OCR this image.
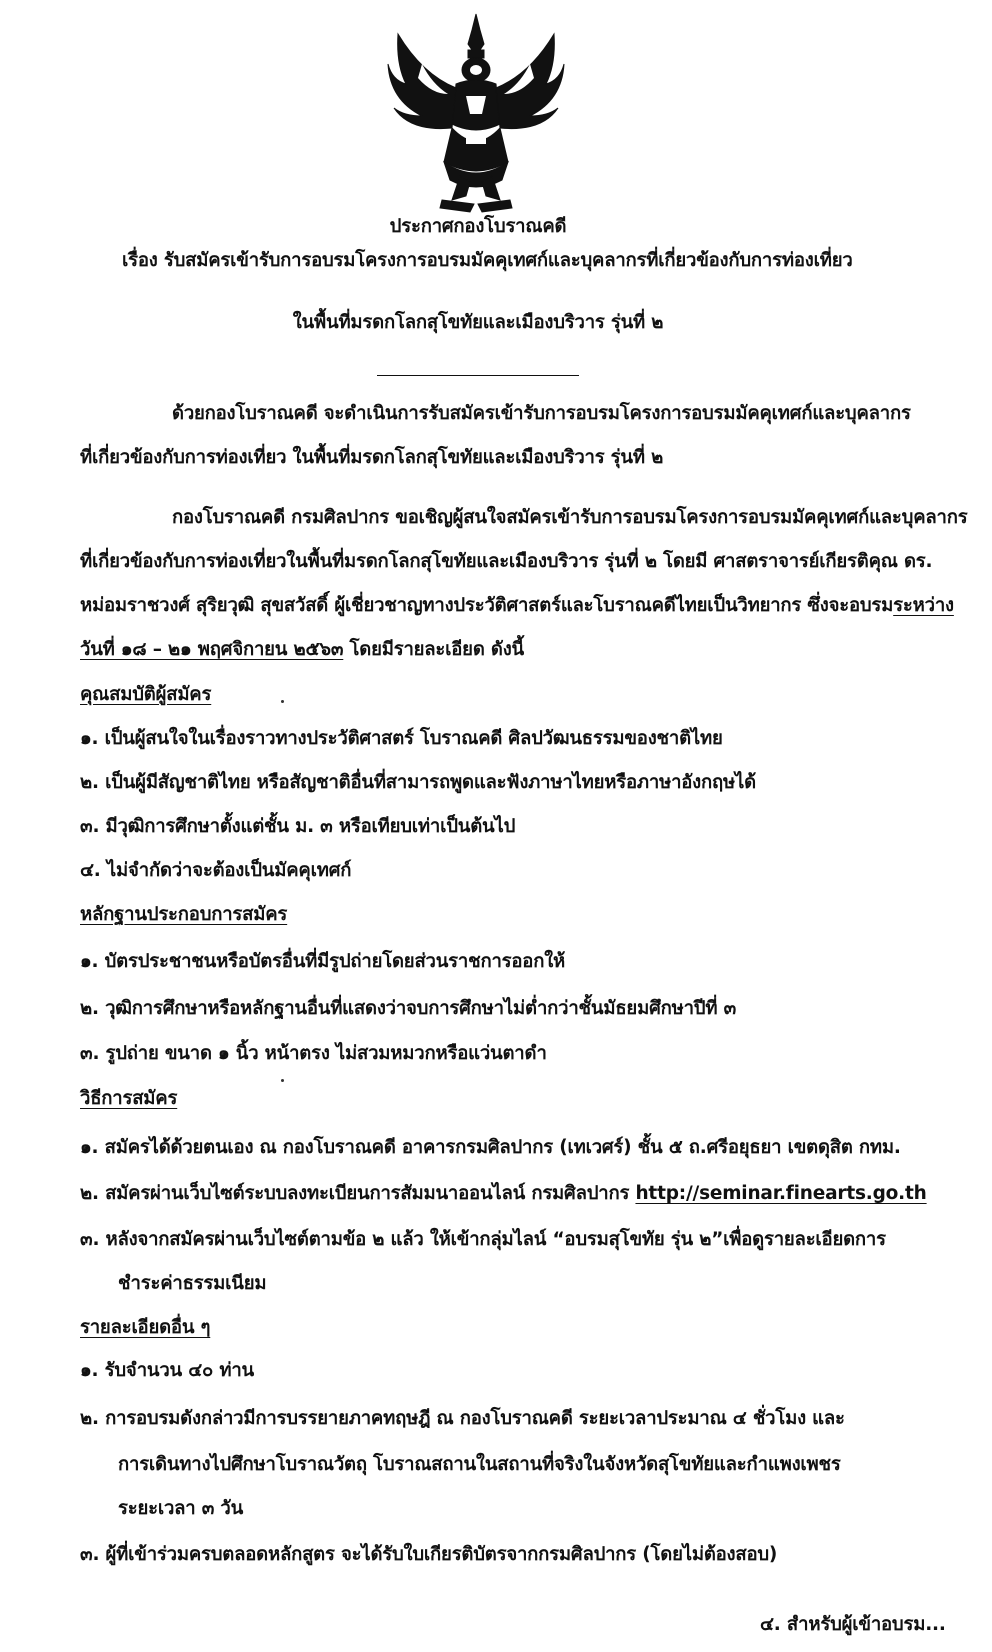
ประกาศกองโบราณคดี
เรื่อง รับสมัครเข้ารับการอบรมโครงการอบรมมัคคุเทศก์และบุคลากรที่เกี่ยวข้องกับการท่องเที่ยว
ในพื้นที่มรดกโลกสุโขทัยและเมืองบริวาร รุ่นที่ ๒
ด้วยกองโบราณคดี จะดำเนินการรับสมัครเข้ารับการอบรมโครงการอบรมมัคคุเทศก์และบุคลากร
ที่เกี่ยวข้องกับการท่องเที่ยว ในพื้นที่มรดกโลกสุโขทัยและเมืองบริวาร รุ่นที่ ๒
กองโบราณคดี กรมศิลปากร ขอเชิญผู้สนใจสมัครเข้ารับการอบรมโครงการอบรมมัคคุเทศก์และบุคลากร
ที่เกี่ยวข้องกับการท่องเที่ยวในพื้นที่มรดกโลกสุโขทัยและเมืองบริวาร รุ่นที่ ๒ โดยมี ศาสตราจารย์เกียรติคุณ ดร.
หม่อมราชวงศ์ สุริยวุฒิ สุขสวัสดิ์ ผู้เชี่ยวชาญทางประวัติศาสตร์และโบราณคดีไทยเป็นวิทยากร ซึ่งจะอบรมระหว่าง
วันที่ ๑๘ – ๒๑ พฤศจิกายน ๒๕๖๓ โดยมีรายละเอียด ดังนี้
คุณสมบัติผู้สมัคร
๑. เป็นผู้สนใจในเรื่องราวทางประวัติศาสตร์ โบราณคดี ศิลปวัฒนธรรมของชาติไทย
๒. เป็นผู้มีสัญชาติไทย หรือสัญชาติอื่นที่สามารถพูดและฟังภาษาไทยหรือภาษาอังกฤษได้
๓. มีวุฒิการศึกษาตั้งแต่ชั้น ม. ๓ หรือเทียบเท่าเป็นต้นไป
๔. ไม่จำกัดว่าจะต้องเป็นมัคคุเทศก์
หลักฐานประกอบการสมัคร
๑. บัตรประชาชนหรือบัตรอื่นที่มีรูปถ่ายโดยส่วนราชการออกให้
๒. วุฒิการศึกษาหรือหลักฐานอื่นที่แสดงว่าจบการศึกษาไม่ต่ำกว่าชั้นมัธยมศึกษาปีที่ ๓
๓. รูปถ่าย ขนาด ๑ นิ้ว หน้าตรง ไม่สวมหมวกหรือแว่นตาดำ
วิธีการสมัคร
๑. สมัครได้ด้วยตนเอง ณ กองโบราณคดี อาคารกรมศิลปากร (เทเวศร์) ชั้น ๕ ถ.ศรีอยุธยา เขตดุสิต กทม.
๒. สมัครผ่านเว็บไซต์ระบบลงทะเบียนการสัมมนาออนไลน์ กรมศิลปากร http://seminar.finearts.go.th
๓. หลังจากสมัครผ่านเว็บไซต์ตามข้อ ๒ แล้ว ให้เข้ากลุ่มไลน์ “อบรมสุโขทัย รุ่น ๒”เพื่อดูรายละเอียดการ
ชำระค่าธรรมเนียม
รายละเอียดอื่น ๆ
๑. รับจำนวน ๔๐ ท่าน
๒. การอบรมดังกล่าวมีการบรรยายภาคทฤษฎี ณ กองโบราณคดี ระยะเวลาประมาณ ๔ ชั่วโมง และ
การเดินทางไปศึกษาโบราณวัตถุ โบราณสถานในสถานที่จริงในจังหวัดสุโขทัยและกำแพงเพชร
ระยะเวลา ๓ วัน
๓. ผู้ที่เข้าร่วมครบตลอดหลักสูตร จะได้รับใบเกียรติบัตรจากกรมศิลปากร (โดยไม่ต้องสอบ)
๔. สำหรับผู้เข้าอบรม...
